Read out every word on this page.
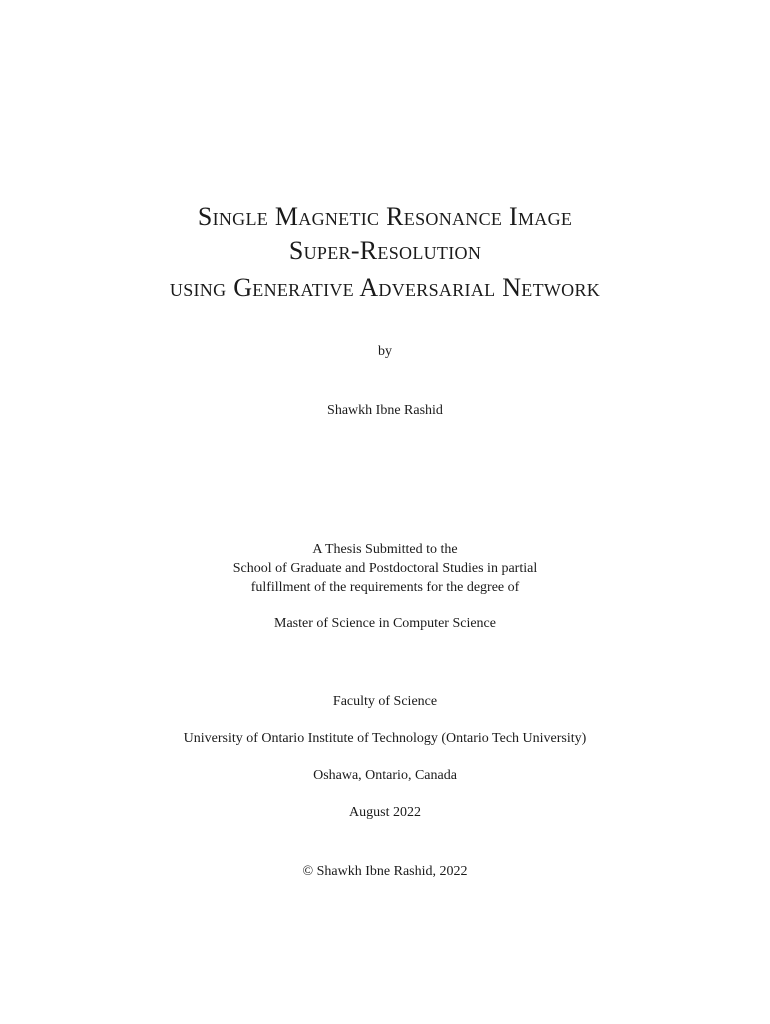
Single Magnetic Resonance Image
Super-Resolution
using Generative Adversarial Network

by

Shawkh Ibne Rashid

A Thesis Submitted to the

School of Graduate and Postdoctoral Studies in partial

fulfillment of the requirements for the degree of

Master of Science in Computer Science

Faculty of Science

University of Ontario Institute of Technology (Ontario Tech University)

Oshawa, Ontario, Canada

August 2022

© Shawkh Ibne Rashid, 2022
